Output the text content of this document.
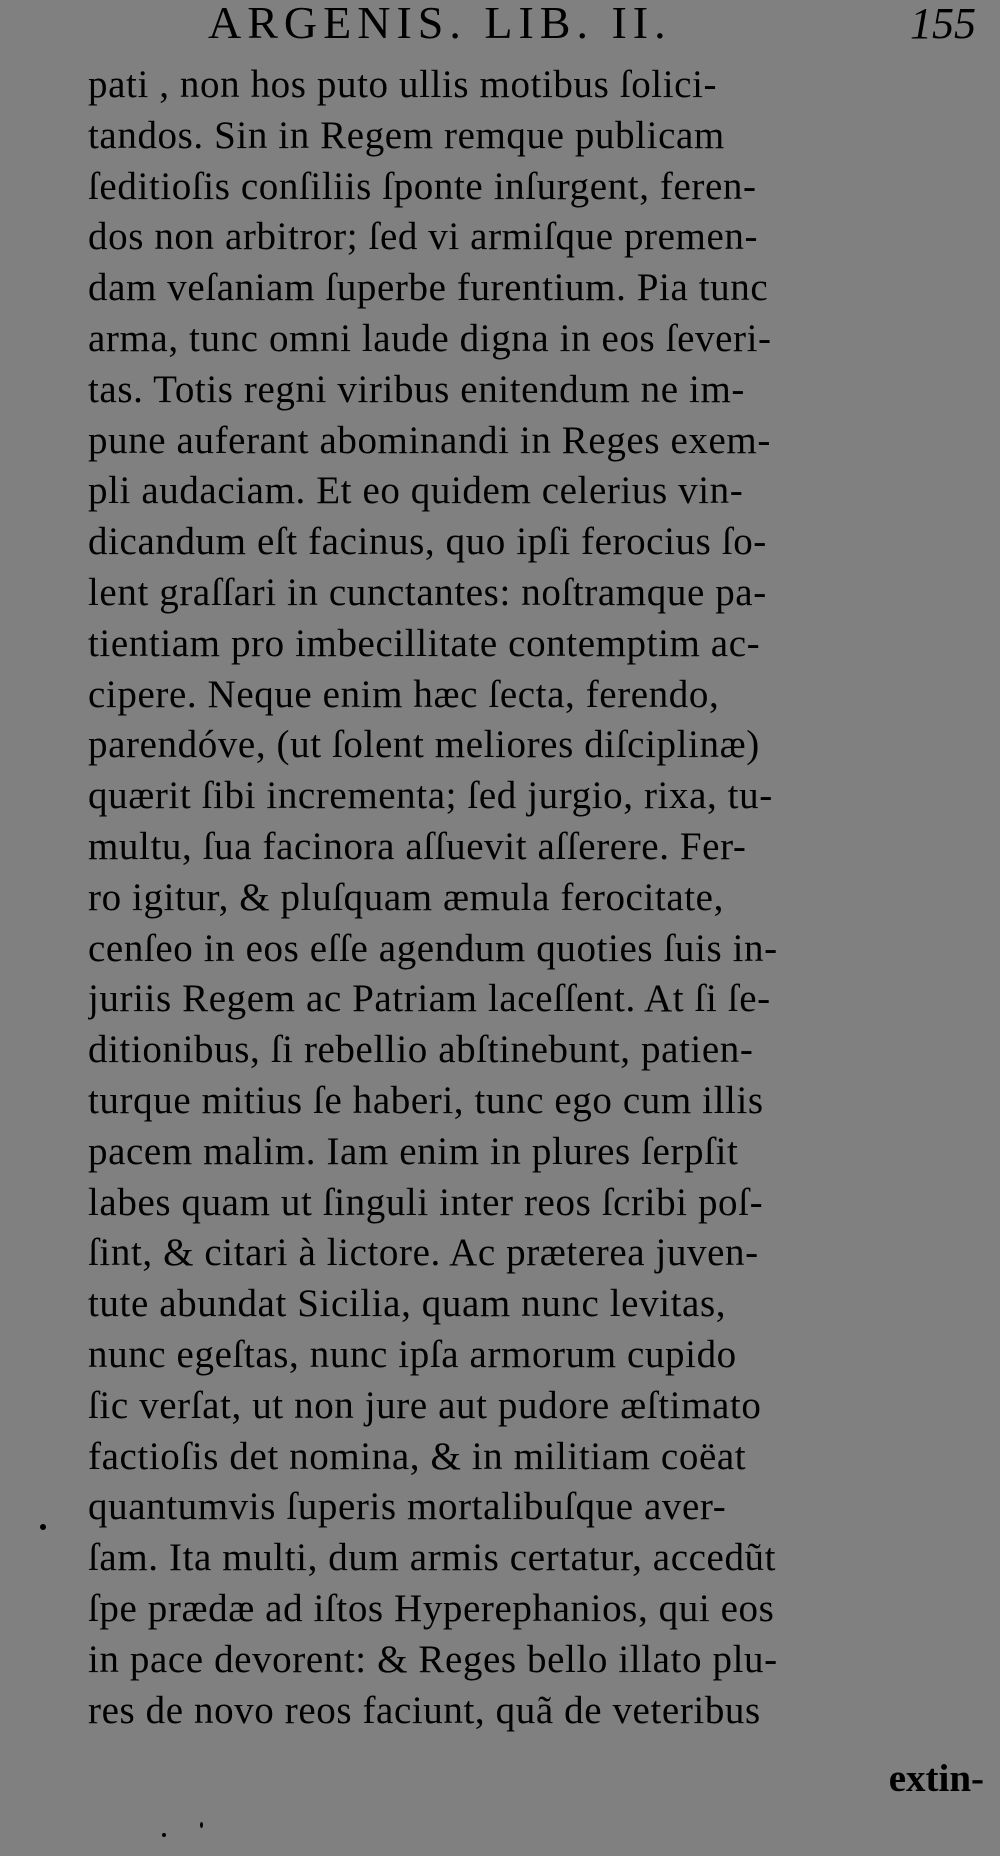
ARGENIS. LIB. II.	155
pati , non hos puto ullis motibus ſolici-
tandos. Sin in Regem remque publicam
ſeditioſis conſiliis ſponte inſurgent, feren-
dos non arbitror; ſed vi armiſque premen-
dam veſaniam ſuperbe furentium. Pia tunc
arma, tunc omni laude digna in eos ſeveri-
tas. Totis regni viribus enitendum ne im-
pune auferant abominandi in Reges exem-
pli audaciam. Et eo quidem celerius vin-
dicandum eſt facinus, quo ipſi ferocius ſo-
lent graſſari in cunctantes: noſtramque pa-
tientiam pro imbecillitate contemptim ac-
cipere. Neque enim hæc ſecta, ferendo,
parendóve, (ut ſolent meliores diſciplinæ)
quærit ſibi incrementa; ſed jurgio, rixa, tu-
multu, ſua facinora aſſuevit aſſerere. Fer-
ro igitur, & pluſquam æmula ferocitate,
cenſeo in eos eſſe agendum quoties ſuis in-
juriis Regem ac Patriam laceſſent. At ſi ſe-
ditionibus, ſi rebellio abſtinebunt, patien-
turque mitius ſe haberi, tunc ego cum illis
pacem malim. Iam enim in plures ſerpſit
labes quam ut ſinguli inter reos ſcribi poſ-
ſint, & citari à lictore. Ac præterea juven-
tute abundat Sicilia, quam nunc levitas,
nunc egeſtas, nunc ipſa armorum cupido
ſic verſat, ut non jure aut pudore æſtimato
factioſis det nomina, & in militiam coëat
quantumvis ſuperis mortalibuſque aver-
ſam. Ita multi, dum armis certatur, accedũt
ſpe prædæ ad iſtos Hyperephanios, qui eos
in pace devorent: & Reges bello illato plu-
res de novo reos faciunt, quã de veteribus
extin-
